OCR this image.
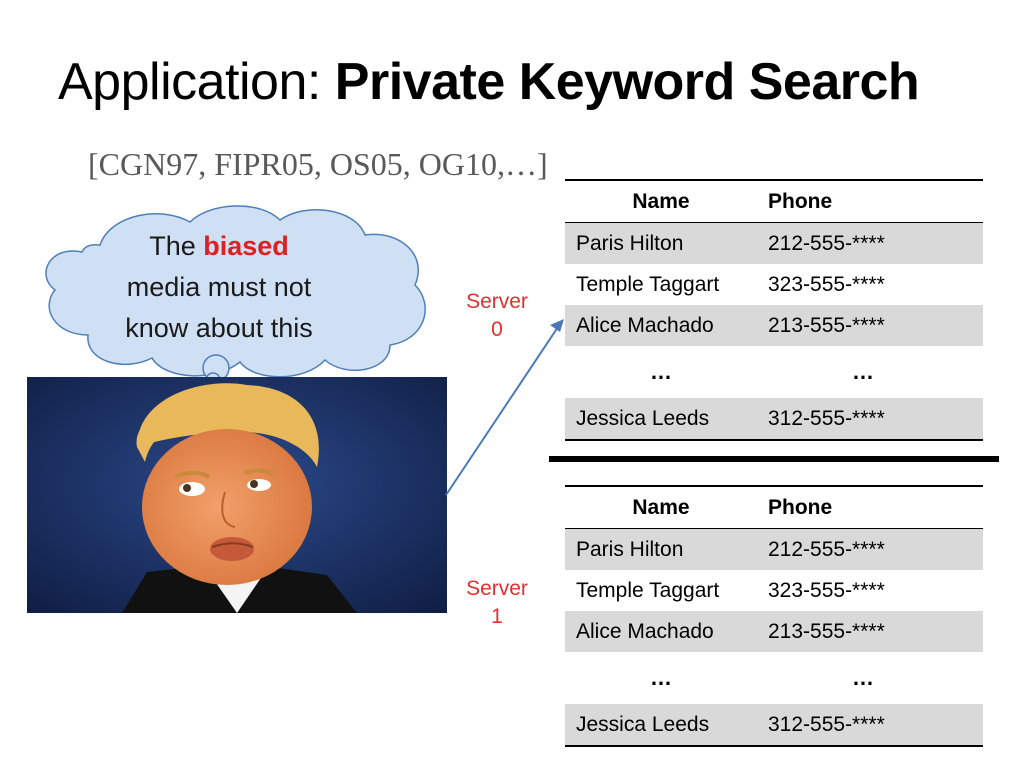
Application: Private Keyword Search
[CGN97, FIPR05, OS05, OG10,…]
The biased
media must not
know about this
Server
0
Server
1
Name	Phone
Paris Hilton	212-555-****
Temple Taggart	323-555-****
Alice Machado	213-555-****
…	…
Jessica Leeds	312-555-****
Name	Phone
Paris Hilton	212-555-****
Temple Taggart	323-555-****
Alice Machado	213-555-****
…	…
Jessica Leeds	312-555-****
